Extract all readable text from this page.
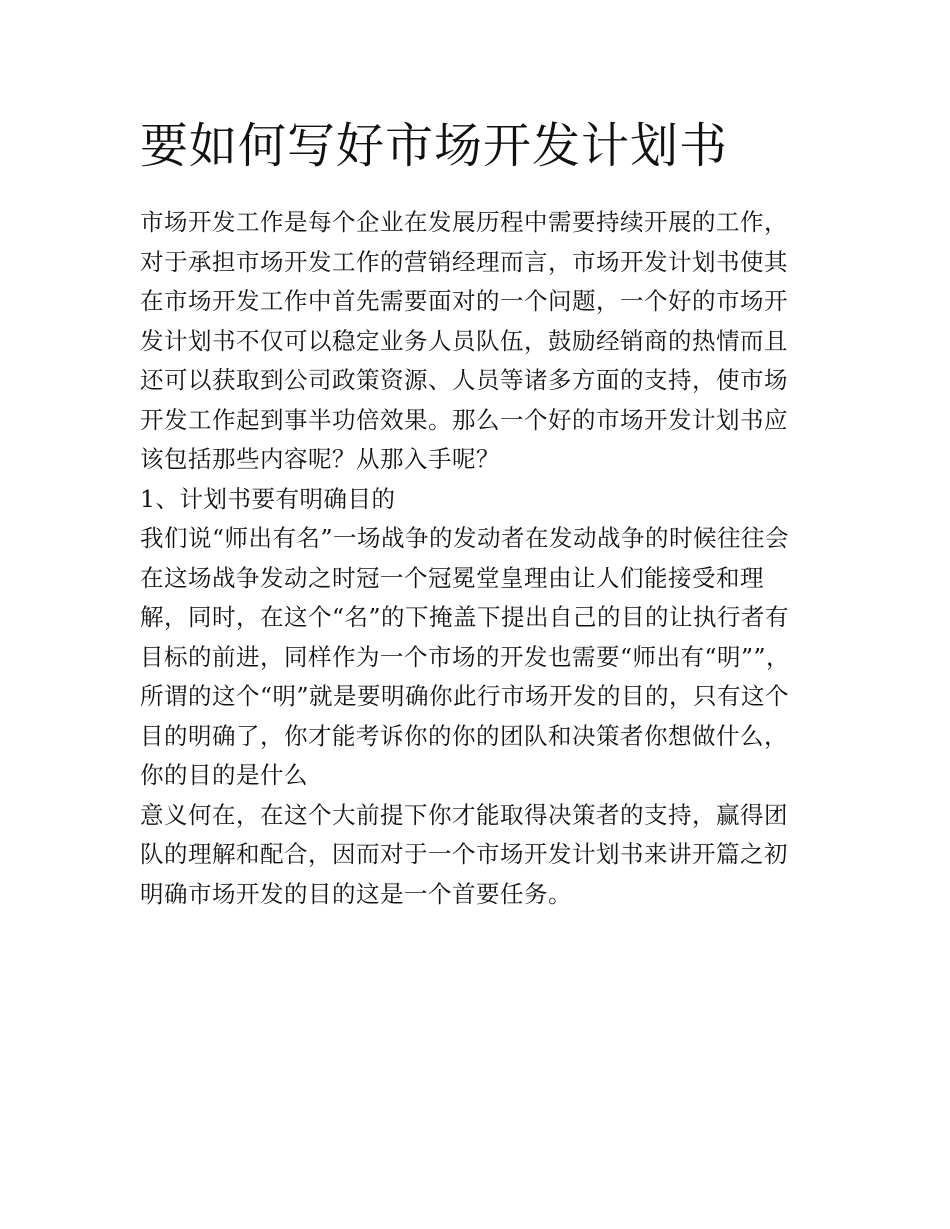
要如何写好市场开发计划书
市场开发工作是每个企业在发展历程中需要持续开展的工作，
对于承担市场开发工作的营销经理而言，市场开发计划书使其
在市场开发工作中首先需要面对的一个问题，一个好的市场开
发计划书不仅可以稳定业务人员队伍，鼓励经销商的热情而且
还可以获取到公司政策资源、人员等诸多方面的支持，使市场
开发工作起到事半功倍效果。那么一个好的市场开发计划书应
该包括那些内容呢？从那入手呢？
1、计划书要有明确目的
我们说“师出有名”一场战争的发动者在发动战争的时候往往会
在这场战争发动之时冠一个冠冕堂皇理由让人们能接受和理
解，同时，在这个“名”的下掩盖下提出自己的目的让执行者有
目标的前进，同样作为一个市场的开发也需要“师出有“明””，
所谓的这个“明”就是要明确你此行市场开发的目的，只有这个
目的明确了，你才能考诉你的你的团队和决策者你想做什么，
你的目的是什么
意义何在，在这个大前提下你才能取得决策者的支持，赢得团
队的理解和配合，因而对于一个市场开发计划书来讲开篇之初
明确市场开发的目的这是一个首要任务。
